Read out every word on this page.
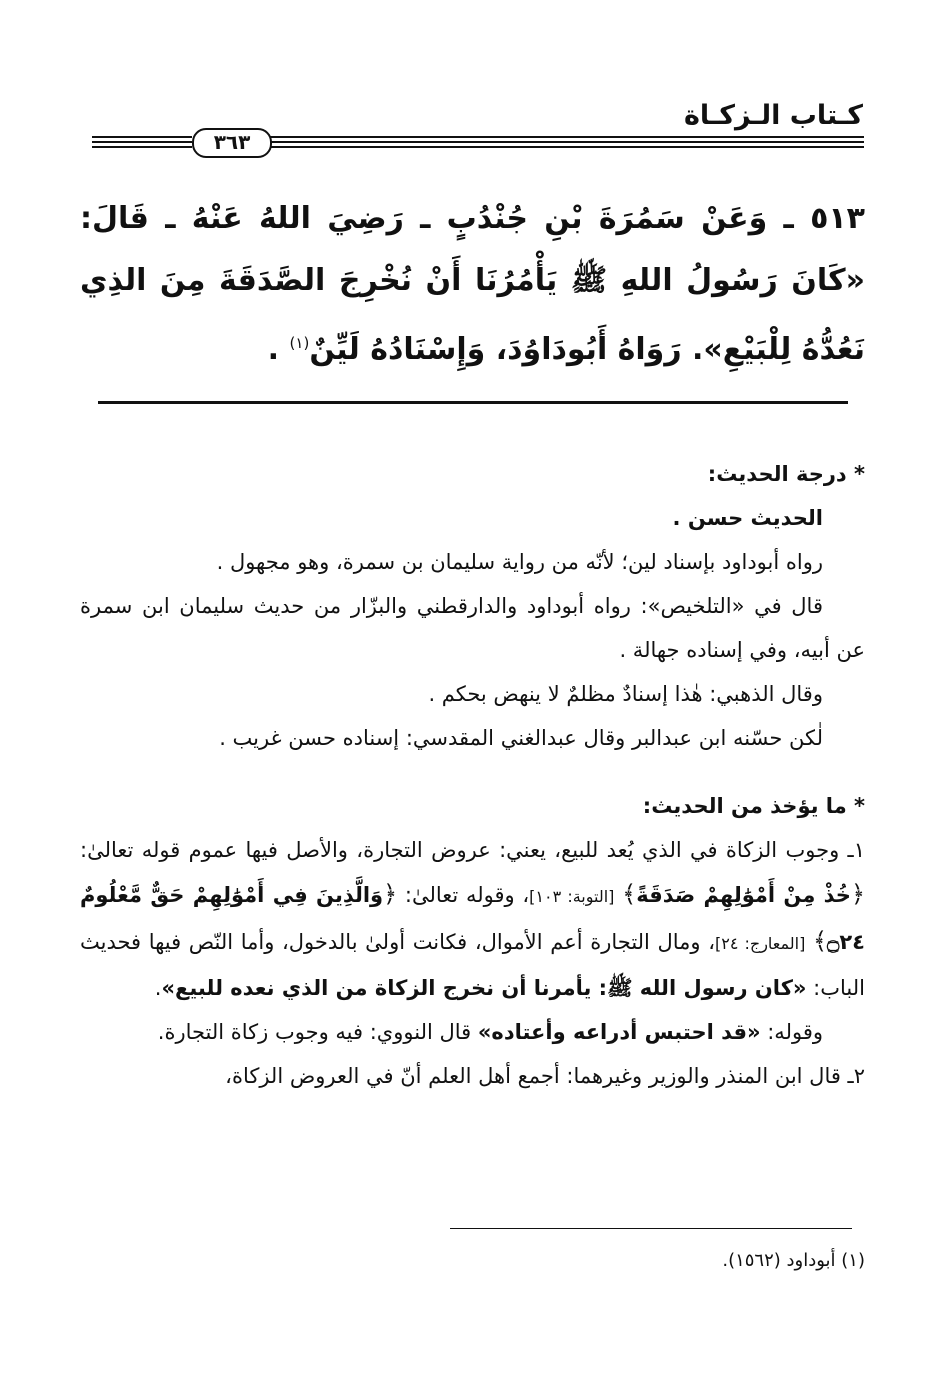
كـتاب الـزكـاة
٣٦٣
٥١٣ ـ وَعَنْ سَمُرَةَ بْنِ جُنْدُبٍ ـ رَضِيَ اللهُ عَنْهُ ـ قَالَ: «كَانَ رَسُولُ اللهِ ﷺ يَأْمُرُنَا أَنْ نُخْرِجَ الصَّدَقَةَ مِنَ الذِي نَعُدُّهُ لِلْبَيْعِ». رَوَاهُ أَبُودَاوُدَ، وَإِسْنَادُهُ لَيِّنٌ$^{(١)}$ .
* درجة الحديث:

الحديث حسن .

رواه أبوداود بإسناد لين؛ لأنّه من رواية سليمان بن سمرة، وهو مجهول .

قال في «التلخيص»: رواه أبوداود والدارقطني والبزّار من حديث سليمان ابن سمرة عن أبيه، وفي إسناده جهالة .

وقال الذهبي: هٰذا إسنادٌ مظلمٌ لا ينهض بحكم .

لٰكن حسّنه ابن عبدالبر وقال عبدالغني المقدسي: إسناده حسن غريب .

* ما يؤخذ من الحديث:

١ـ وجوب الزكاة في الذي يُعد للبيع، يعني: عروض التجارة، والأصل فيها عموم قوله تعالىٰ: ﴿خُذْ مِنْ أَمْوَٰلِهِمْ صَدَقَةً﴾ [التوبة: ١٠٣]، وقوله تعالىٰ: ﴿وَالَّذِينَ فِي أَمْوَٰلِهِمْ حَقٌّ مَّعْلُومٌ ۝٢٤﴾ [المعارج: ٢٤]، ومال التجارة أعم الأموال، فكانت أولىٰ بالدخول، وأما النّص فيها فحديث الباب: «كان رسول الله ﷺ: يأمرنا أن نخرج الزكاة من الذي نعده للبيع».

وقوله: «قد احتبس أدراعه وأعتاده» قال النووي: فيه وجوب زكاة التجارة.

٢ـ قال ابن المنذر والوزير وغيرهما: أجمع أهل العلم أنّ في العروض الزكاة،

(١) أبوداود (١٥٦٢).
